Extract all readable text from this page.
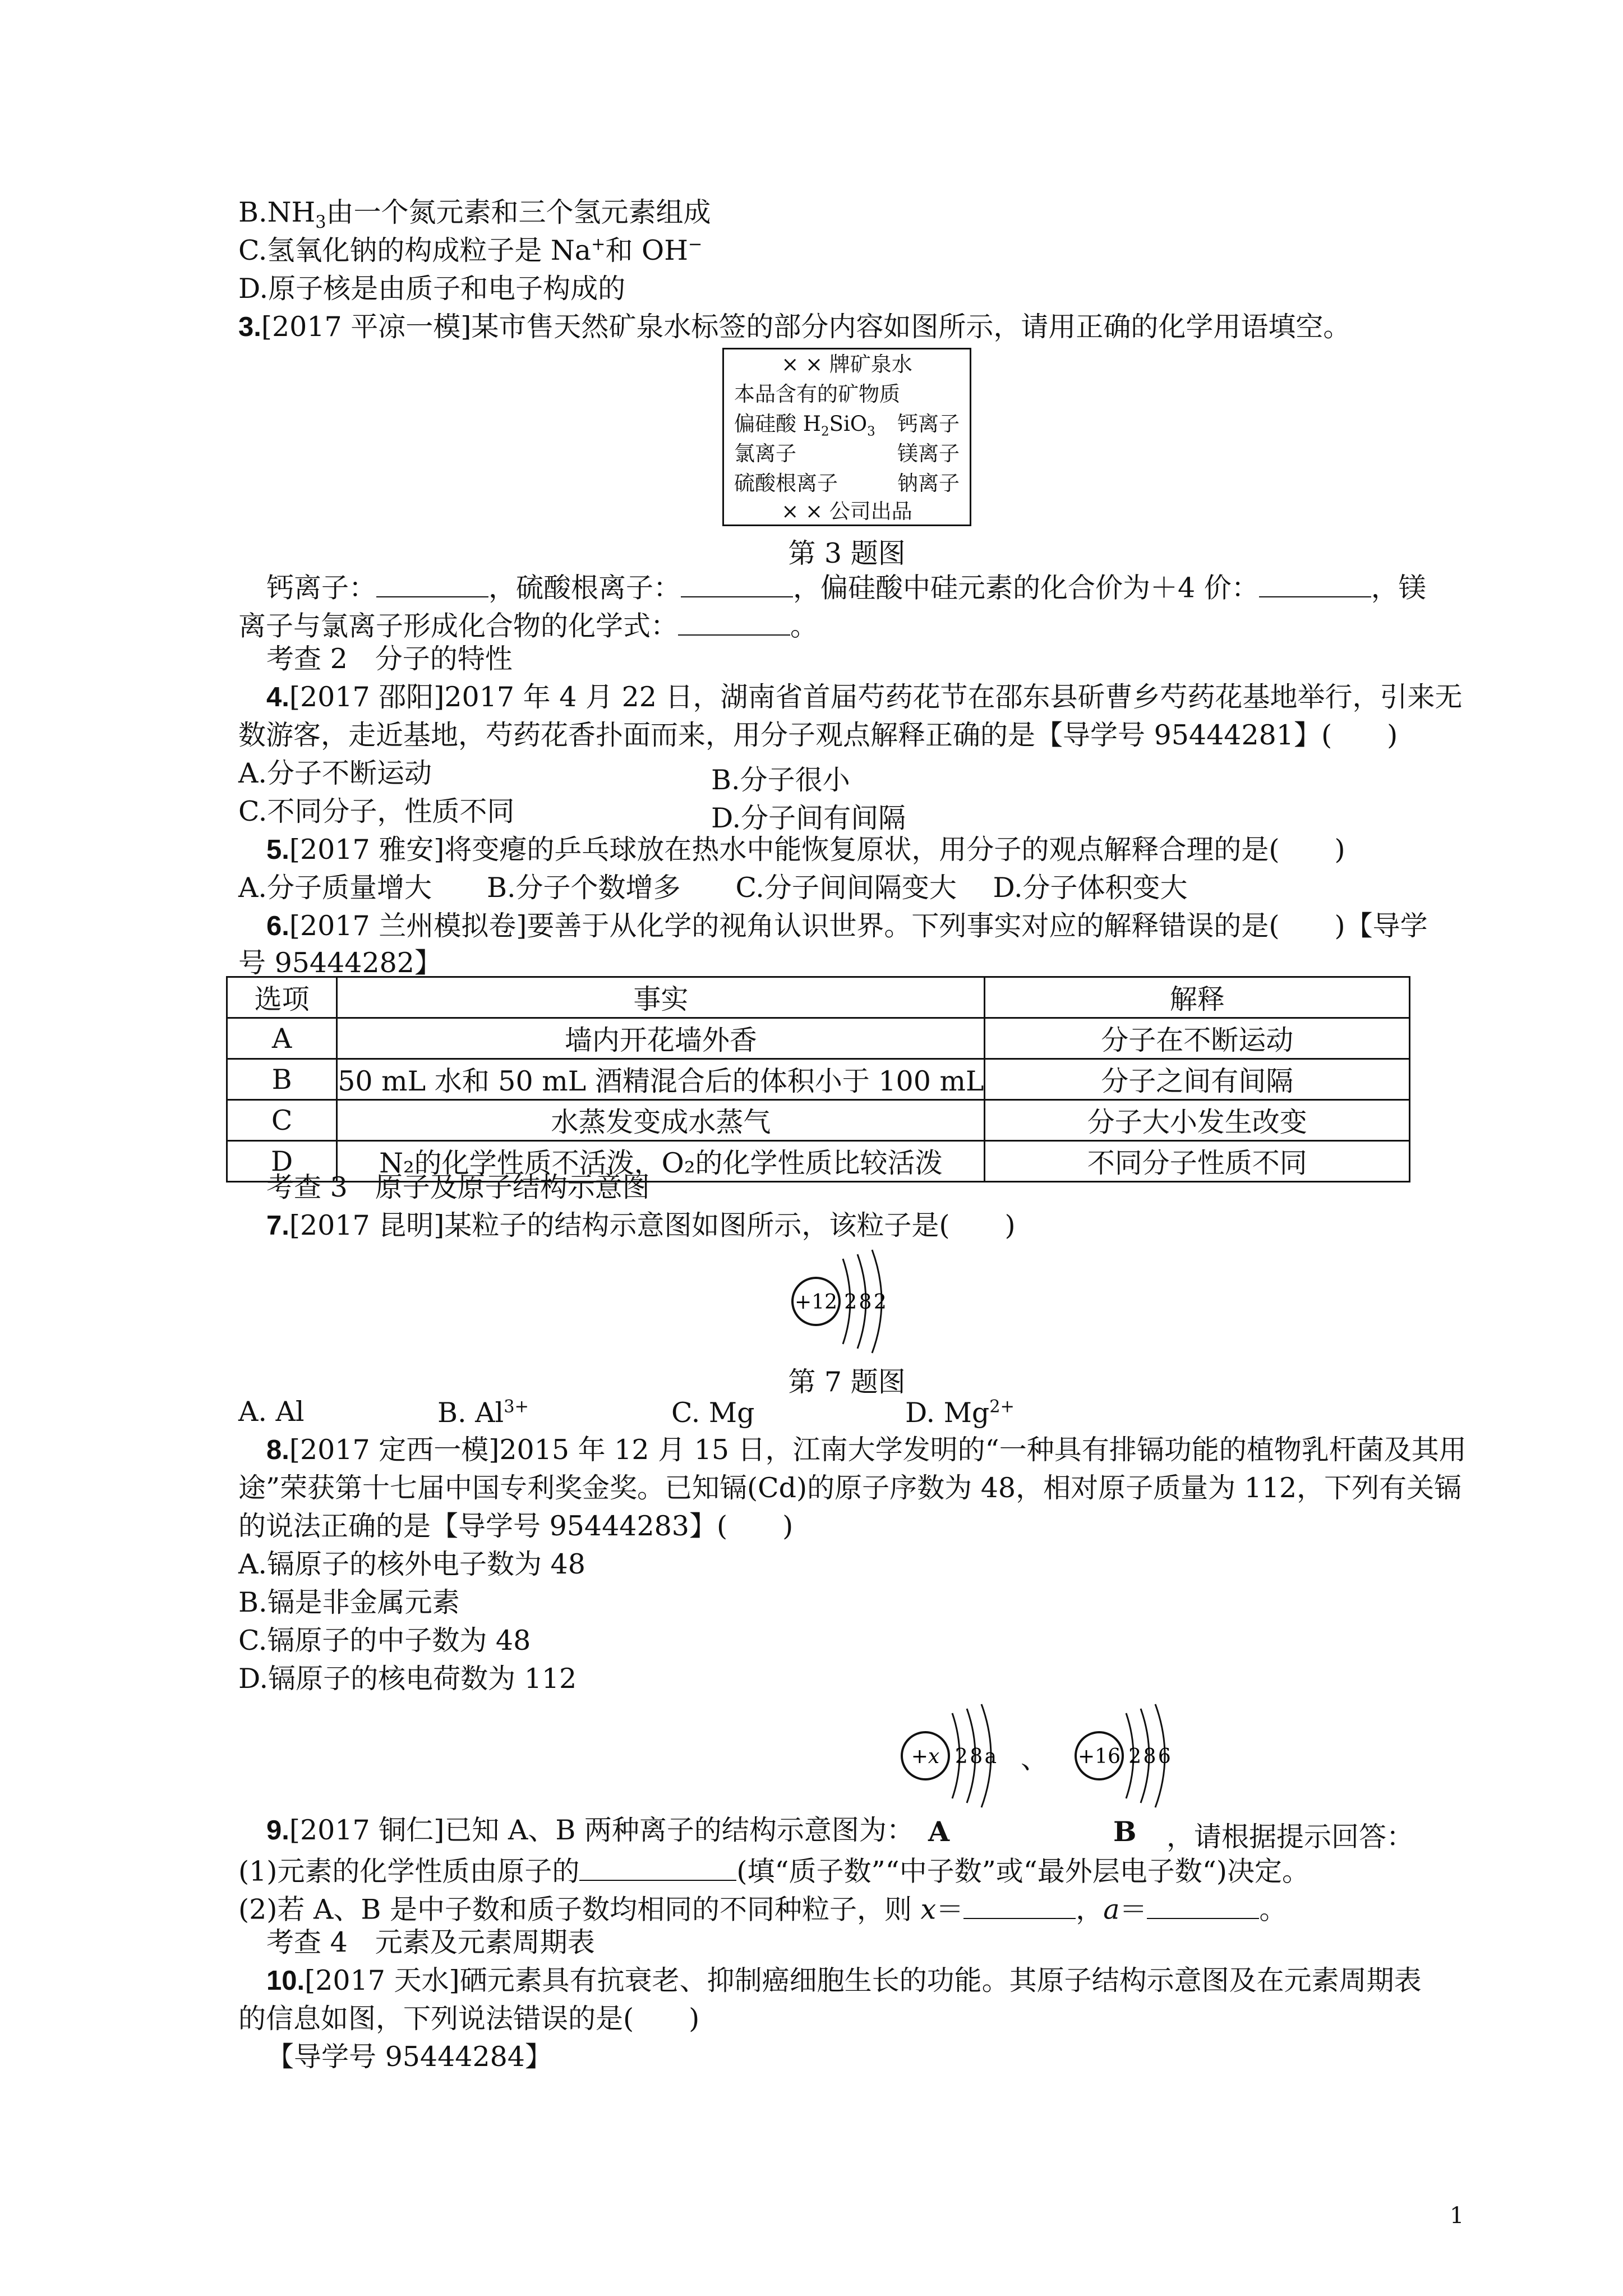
$B.NH_3$由一个氮元素和三个氢元素组成
C.氢氧化钠的构成粒子是 Na+和 OH−
D.原子核是由质子和电子构成的
3.[2017 平凉一模]某市售天然矿泉水标签的部分内容如图所示，请用正确的化学用语填空。
× × 牌矿泉水
本品含有的矿物质
偏硅酸 $H_2SiO_3$ 钙离子
氯离子	镁离子
硫酸根离子	钠离子
× × 公司出品
第 3 题图
钙离子：	，硫酸根离子：	，偏硅酸中硅元素的化合价为＋4 价：	，镁
离子与氯离子形成化合物的化学式：	。
考查 2　分子的特性
4.[2017 邵阳]2017 年 4 月 22 日，湖南省首届芍药花节在邵东县斫曹乡芍药花基地举行，引来无
数游客，走近基地，芍药花香扑面而来，用分子观点解释正确的是【导学号 95444281】(　　)
A.分子不断运动	B.分子很小
C.不同分子，性质不同	D.分子间有间隔
5.[2017 雅安]将变瘪的乒乓球放在热水中能恢复原状，用分子的观点解释合理的是(　　)
A.分子质量增大　　B.分子个数增多　　C.分子间间隔变大　 D.分子体积变大
6.[2017 兰州模拟卷]要善于从化学的视角认识世界。下列事实对应的解释错误的是(　　)【导学
号 95444282】
选项	事实	解释
A	墙内开花墙外香	分子在不断运动
B	50 mL 水和 50 mL 酒精混合后的体积小于 100 mL	分子之间有间隔
C	水蒸发变成水蒸气	分子大小发生改变
D	N₂的化学性质不活泼，O₂的化学性质比较活泼	不同分子性质不同
考查 3　原子及原子结构示意图
7.[2017 昆明]某粒子的结构示意图如图所示，该粒子是(　　)
+12 2 8 2
第 7 题图
A. Al	B. $Al^{3+}$	C. Mg	D. $Mg^{2+}$
8.[2017 定西一模]2015 年 12 月 15 日，江南大学发明的“一种具有排镉功能的植物乳杆菌及其用
途”荣获第十七届中国专利奖金奖。已知镉(Cd)的原子序数为 48，相对原子质量为 112，下列有关镉
的说法正确的是【导学号 95444283】(　　)
A.镉原子的核外电子数为 48
B.镉是非金属元素
C.镉原子的中子数为 48
D.镉原子的核电荷数为 112
+x 2 8 a 、 +16 2 8 6
9.[2017 铜仁]已知 A、B 两种离子的结构示意图为： A	B ，请根据提示回答：
(1)元素的化学性质由原子的	(填“质子数”“中子数”或“最外层电子数“)决定。
(2)若 A、B 是中子数和质子数均相同的不同种粒子，则 x＝	，a＝	。
考查 4　元素及元素周期表
10.[2017 天水]硒元素具有抗衰老、抑制癌细胞生长的功能。其原子结构示意图及在元素周期表
的信息如图，下列说法错误的是(　　)
【导学号 95444284】
1
